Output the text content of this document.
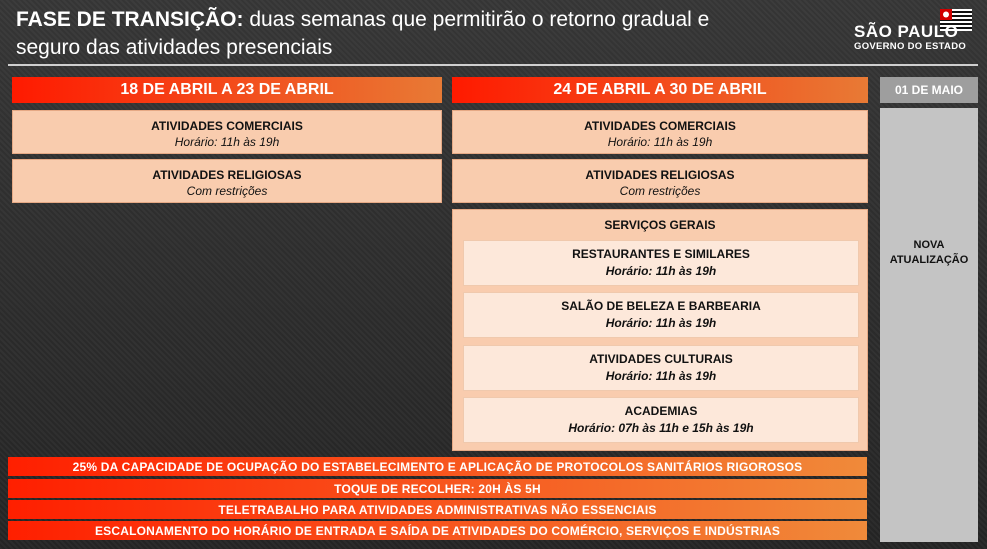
FASE DE TRANSIÇÃO: duas semanas que permitirão o retorno gradual e seguro das atividades presenciais
SÃO PAULO
GOVERNO DO ESTADO
18 DE ABRIL A 23 DE ABRIL
ATIVIDADES COMERCIAIS
Horário: 11h às 19h
ATIVIDADES RELIGIOSAS
Com restrições
24 DE ABRIL A 30 DE ABRIL
ATIVIDADES COMERCIAIS
Horário: 11h às 19h
ATIVIDADES RELIGIOSAS
Com restrições
SERVIÇOS GERAIS
RESTAURANTES E SIMILARES
Horário: 11h às 19h
SALÃO DE BELEZA E BARBEARIA
Horário: 11h às 19h
ATIVIDADES CULTURAIS
Horário: 11h às 19h
ACADEMIAS
Horário: 07h às 11h e 15h às 19h
01 DE MAIO
NOVA ATUALIZAÇÃO
25% DA CAPACIDADE DE OCUPAÇÃO DO ESTABELECIMENTO E APLICAÇÃO DE PROTOCOLOS SANITÁRIOS RIGOROSOS
TOQUE DE RECOLHER: 20H ÀS 5H
TELETRABALHO PARA ATIVIDADES ADMINISTRATIVAS NÃO ESSENCIAIS
ESCALONAMENTO DO HORÁRIO DE ENTRADA E SAÍDA DE ATIVIDADES DO COMÉRCIO, SERVIÇOS E INDÚSTRIAS
